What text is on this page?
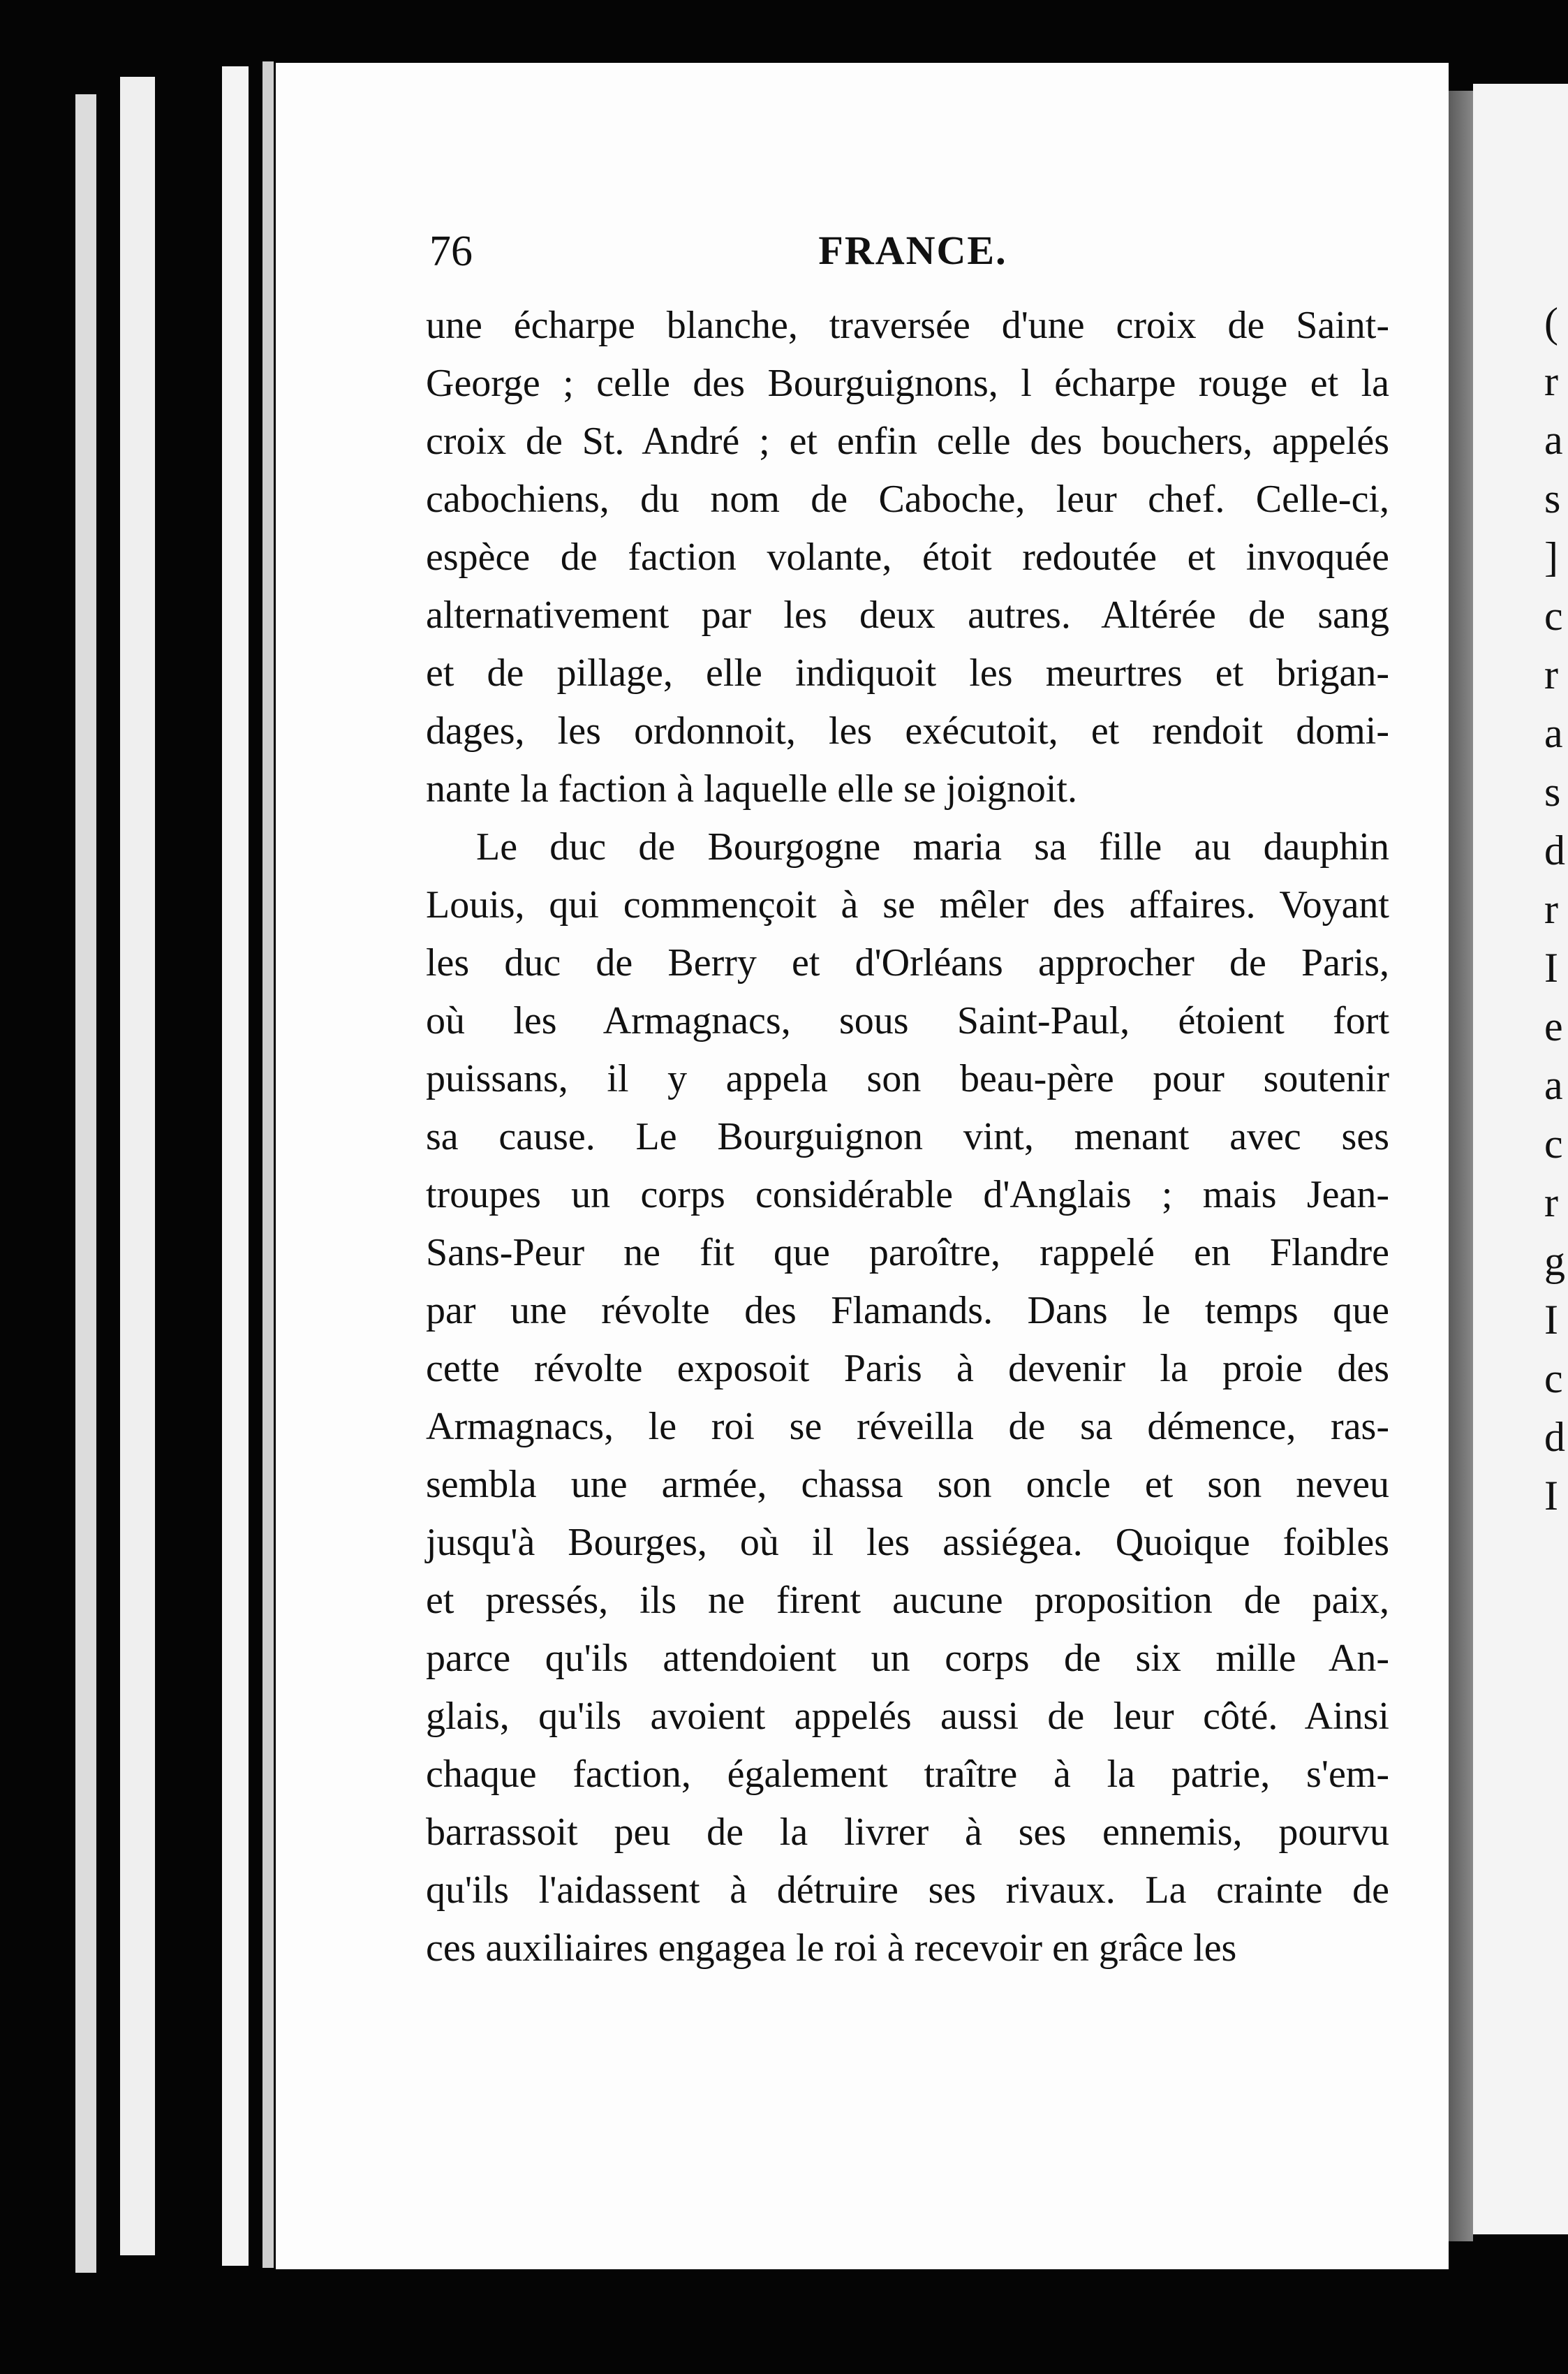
(
r
a
s
]
c
r
a
s
d
r
I
e
a
c
r
g
I
c
d
I
76	FRANCE.
une écharpe blanche, traversée d'une croix de Saint-
George ; celle des Bourguignons, l écharpe rouge et la
croix de St. André ; et enfin celle des bouchers, appelés
cabochiens, du nom de Caboche, leur chef. Celle-ci,
espèce de faction volante, étoit redoutée et invoquée
alternativement par les deux autres. Altérée de sang
et de pillage, elle indiquoit les meurtres et brigan-
dages, les ordonnoit, les exécutoit, et rendoit domi-
nante la faction à laquelle elle se joignoit.
Le duc de Bourgogne maria sa fille au dauphin
Louis, qui commençoit à se mêler des affaires. Voyant
les duc de Berry et d'Orléans approcher de Paris,
où les Armagnacs, sous Saint-Paul, étoient fort
puissans, il y appela son beau-père pour soutenir
sa cause. Le Bourguignon vint, menant avec ses
troupes un corps considérable d'Anglais ; mais Jean-
Sans-Peur ne fit que paroître, rappelé en Flandre
par une révolte des Flamands. Dans le temps que
cette révolte exposoit Paris à devenir la proie des
Armagnacs, le roi se réveilla de sa démence, ras-
sembla une armée, chassa son oncle et son neveu
jusqu'à Bourges, où il les assiégea. Quoique foibles
et pressés, ils ne firent aucune proposition de paix,
parce qu'ils attendoient un corps de six mille An-
glais, qu'ils avoient appelés aussi de leur côté. Ainsi
chaque faction, également traître à la patrie, s'em-
barrassoit peu de la livrer à ses ennemis, pourvu
qu'ils l'aidassent à détruire ses rivaux. La crainte de
ces auxiliaires engagea le roi à recevoir en grâce les
